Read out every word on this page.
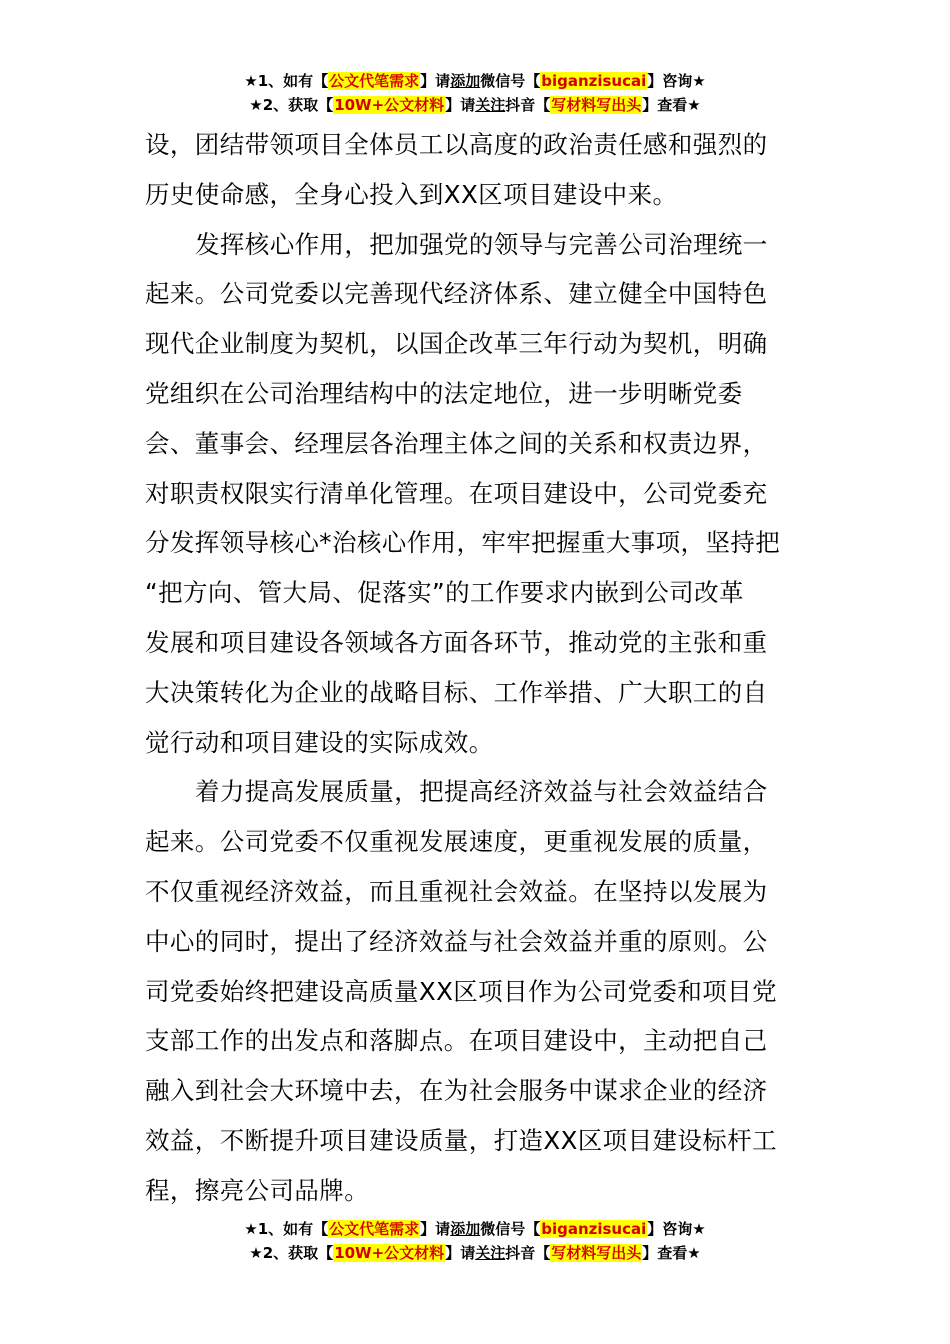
★1、如有【公文代笔需求】请添加微信号【biganzisucai】咨询★
★2、获取【10W+公文材料】请关注抖音【写材料写出头】查看★

设，团结带领项目全体员工以高度的政治责任感和强烈的
历史使命感，全身心投入到XX区项目建设中来。

发挥核心作用，把加强党的领导与完善公司治理统一
起来。公司党委以完善现代经济体系、建立健全中国特色
现代企业制度为契机，以国企改革三年行动为契机，明确
党组织在公司治理结构中的法定地位，进一步明晰党委
会、董事会、经理层各治理主体之间的关系和权责边界，
对职责权限实行清单化管理。在项目建设中，公司党委充
分发挥领导核心*治核心作用，牢牢把握重大事项，坚持把
“把方向、管大局、促落实”的工作要求内嵌到公司改革
发展和项目建设各领域各方面各环节，推动党的主张和重
大决策转化为企业的战略目标、工作举措、广大职工的自
觉行动和项目建设的实际成效。

着力提高发展质量，把提高经济效益与社会效益结合
起来。公司党委不仅重视发展速度，更重视发展的质量，
不仅重视经济效益，而且重视社会效益。在坚持以发展为
中心的同时，提出了经济效益与社会效益并重的原则。公
司党委始终把建设高质量XX区项目作为公司党委和项目党
支部工作的出发点和落脚点。在项目建设中，主动把自己
融入到社会大环境中去，在为社会服务中谋求企业的经济
效益，不断提升项目建设质量，打造XX区项目建设标杆工
程，擦亮公司品牌。

★1、如有【公文代笔需求】请添加微信号【biganzisucai】咨询★
★2、获取【10W+公文材料】请关注抖音【写材料写出头】查看★
